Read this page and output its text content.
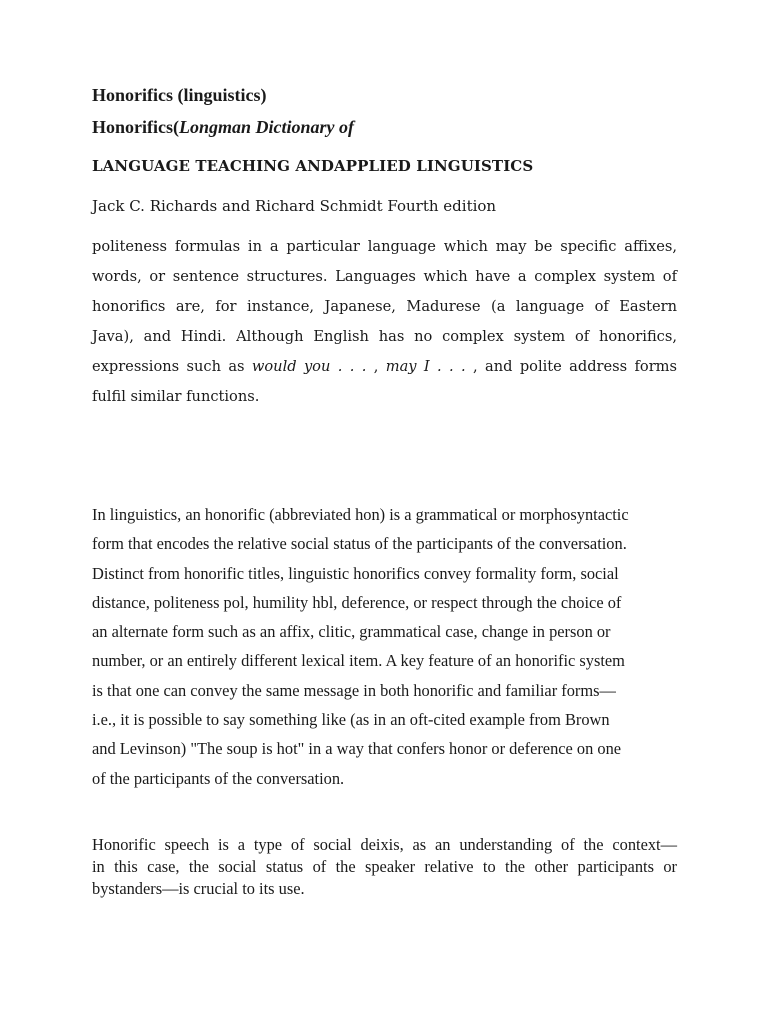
Honorifics (linguistics)

Honorifics(Longman Dictionary of

LANGUAGE TEACHING ANDAPPLIED LINGUISTICS

Jack C. Richards and Richard Schmidt Fourth edition

politeness formulas in a particular language which may be specific affixes,
words, or sentence structures. Languages which have a complex system of
honorifics are, for instance, Japanese, Madurese (a language of Eastern
Java), and Hindi. Although English has no complex system of honorifics,
expressions such as would you . . . , may I . . . , and polite address forms
fulfil similar functions.
In linguistics, an honorific (abbreviated hon) is a grammatical or morphosyntactic
form that encodes the relative social status of the participants of the conversation.
Distinct from honorific titles, linguistic honorifics convey formality form, social
distance, politeness pol, humility hbl, deference, or respect through the choice of
an alternate form such as an affix, clitic, grammatical case, change in person or
number, or an entirely different lexical item. A key feature of an honorific system
is that one can convey the same message in both honorific and familiar forms—
i.e., it is possible to say something like (as in an oft-cited example from Brown
and Levinson) "The soup is hot" in a way that confers honor or deference on one
of the participants of the conversation.
Honorific speech is a type of social deixis, as an understanding of the context—
in this case, the social status of the speaker relative to the other participants or
bystanders—is crucial to its use.
